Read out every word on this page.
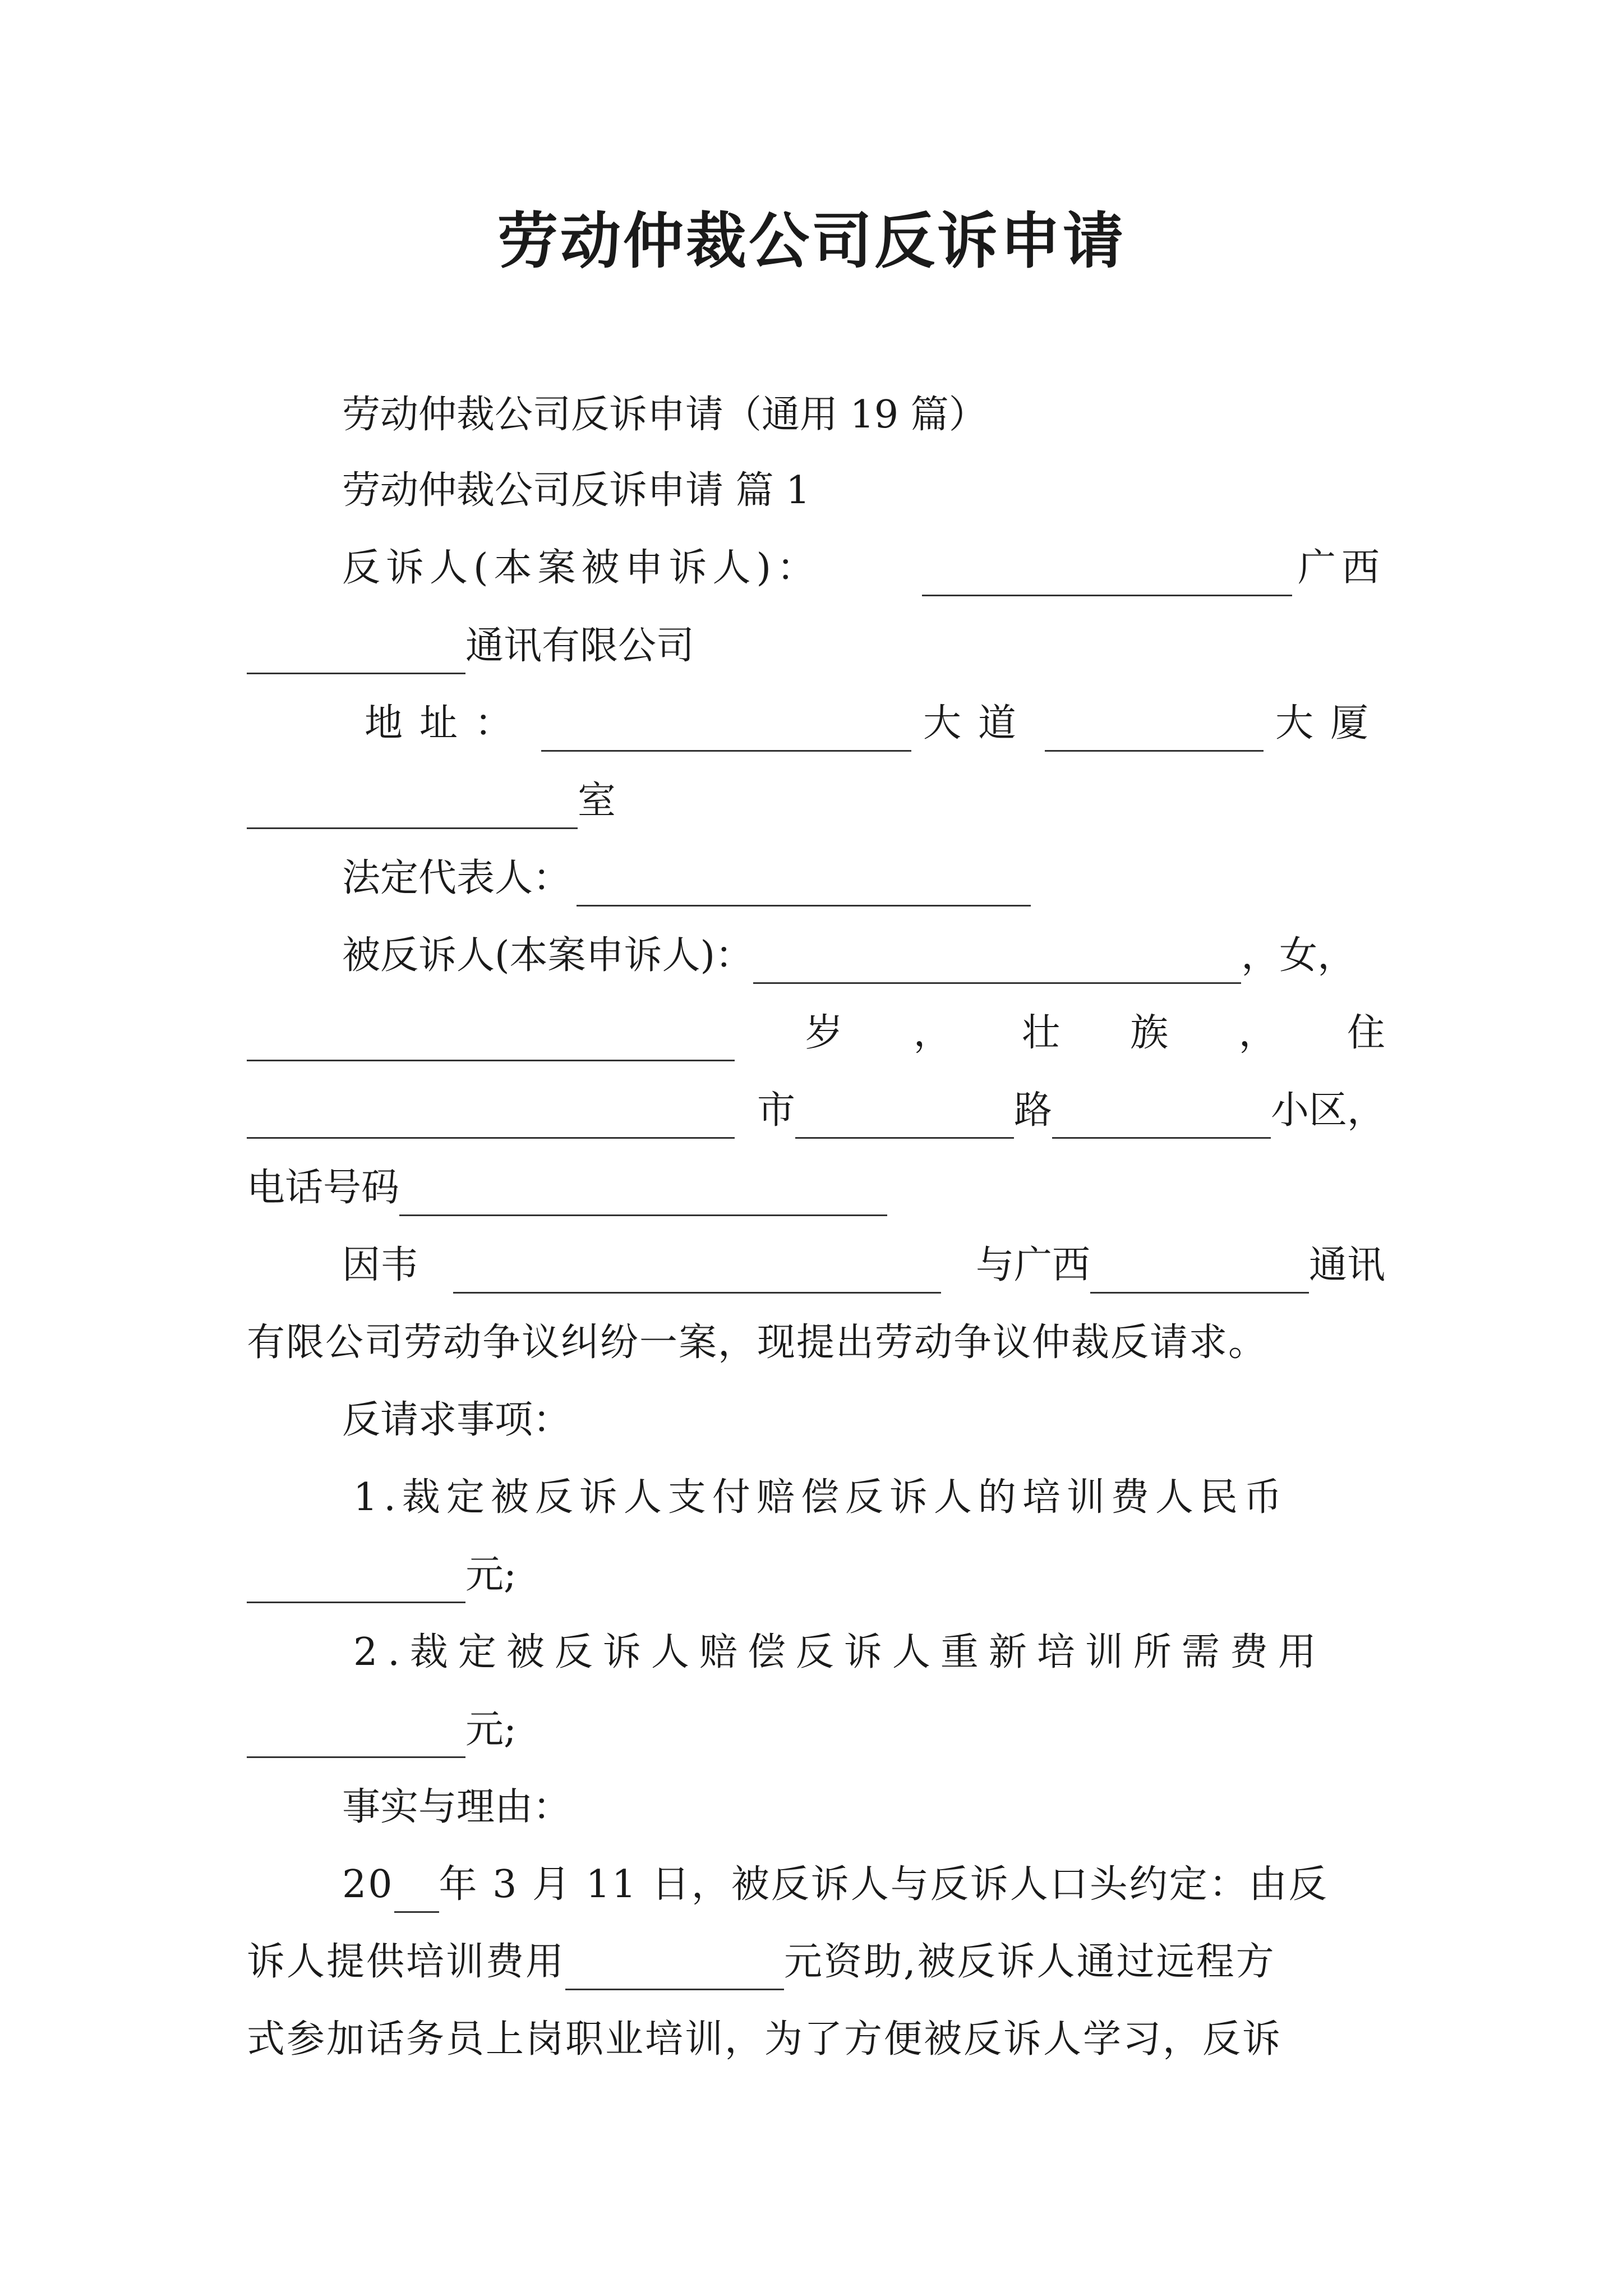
劳动仲裁公司反诉申请
劳动仲裁公司反诉申请（通用 19 篇）
劳动仲裁公司反诉申请 篇 1
反诉人(本案被申诉人)：	广西
通讯有限公司
地址：	大道	大厦
室
法定代表人：
被反诉人(本案申诉人)：	，女，
岁 ， 壮 族 ， 住
市	路	小区，
电话号码
因韦	与广西	通讯
有限公司劳动争议纠纷一案，现提出劳动争议仲裁反请求。
反请求事项：
1.裁定被反诉人支付赔偿反诉人的培训费人民币
元;
2.裁定被反诉人赔偿反诉人重新培训所需费用
元;
事实与理由：
20 年 3 月 11 日，被反诉人与反诉人口头约定：由反
诉人提供培训费用	元资助,被反诉人通过远程方
式参加话务员上岗职业培训，为了方便被反诉人学习，反诉
